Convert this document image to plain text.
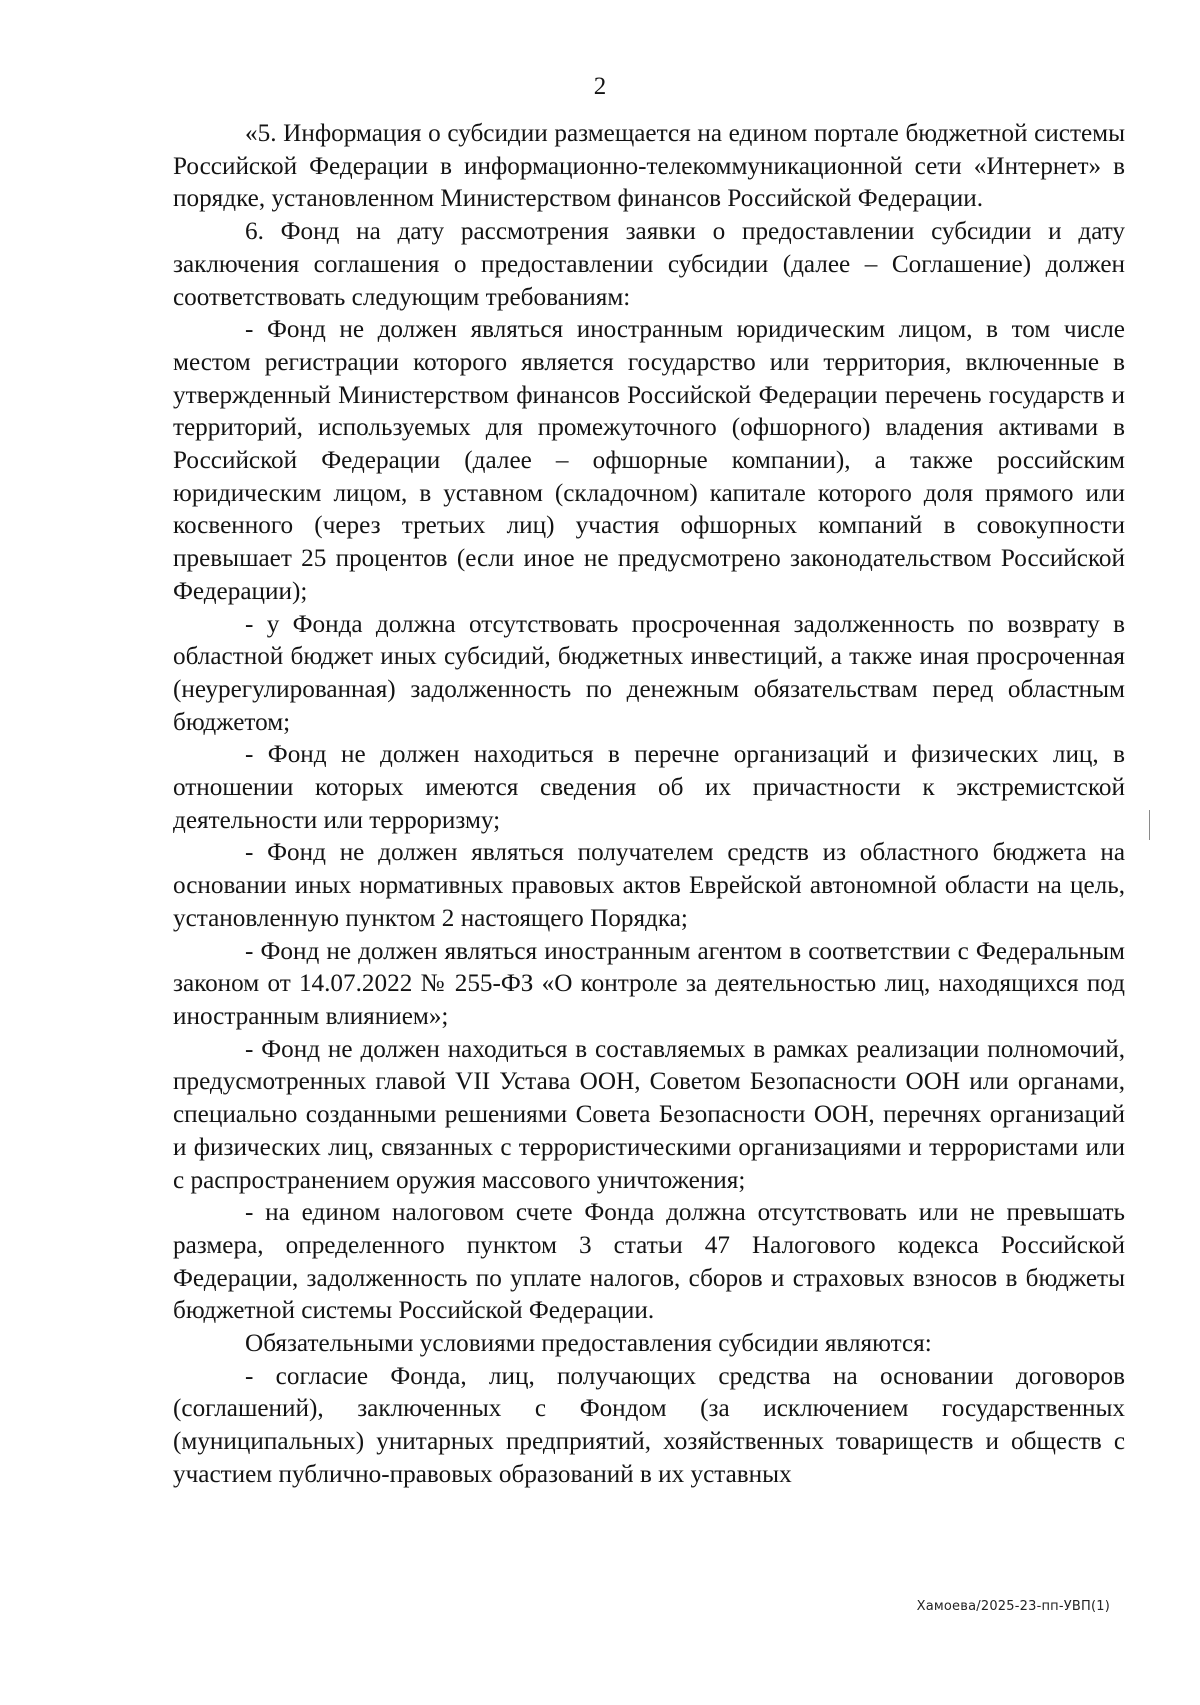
2

«5. Информация о субсидии размещается на едином портале бюджетной системы Российской Федерации в информационно-телекоммуникационной сети «Интернет» в порядке, установленном Министерством финансов Российской Федерации.

6. Фонд на дату рассмотрения заявки о предоставлении субсидии и дату заключения соглашения о предоставлении субсидии (далее – Соглашение) должен соответствовать следующим требованиям:

- Фонд не должен являться иностранным юридическим лицом, в том числе местом регистрации которого является государство или территория, включенные в утвержденный Министерством финансов Российской Федерации перечень государств и территорий, используемых для промежуточного (офшорного) владения активами в Российской Федерации (далее – офшорные компании), а также российским юридическим лицом, в уставном (складочном) капитале которого доля прямого или косвенного (через третьих лиц) участия офшорных компаний в совокупности превышает 25 процентов (если иное не предусмотрено законодательством Российской Федерации);

- у Фонда должна отсутствовать просроченная задолженность по возврату в областной бюджет иных субсидий, бюджетных инвестиций, а также иная просроченная (неурегулированная) задолженность по денежным обязательствам перед областным бюджетом;

- Фонд не должен находиться в перечне организаций и физических лиц, в отношении которых имеются сведения об их причастности к экстремистской деятельности или терроризму;

- Фонд не должен являться получателем средств из областного бюджета на основании иных нормативных правовых актов Еврейской автономной области на цель, установленную пунктом 2 настоящего Порядка;

- Фонд не должен являться иностранным агентом в соответствии с Федеральным законом от 14.07.2022 № 255-ФЗ «О контроле за деятельностью лиц, находящихся под иностранным влиянием»;

- Фонд не должен находиться в составляемых в рамках реализации полномочий, предусмотренных главой VII Устава ООН, Советом Безопасности ООН или органами, специально созданными решениями Совета Безопасности ООН, перечнях организаций и физических лиц, связанных с террористическими организациями и террористами или с распространением оружия массового уничтожения;

- на едином налоговом счете Фонда должна отсутствовать или не превышать размера, определенного пунктом 3 статьи 47 Налогового кодекса Российской Федерации, задолженность по уплате налогов, сборов и страховых взносов в бюджеты бюджетной системы Российской Федерации.

Обязательными условиями предоставления субсидии являются:

- согласие Фонда, лиц, получающих средства на основании договоров (соглашений), заключенных с Фондом (за исключением государственных (муниципальных) унитарных предприятий, хозяйственных товариществ и обществ с участием публично-правовых образований в их уставных

Хамоева/2025-23-пп-УВП(1)
